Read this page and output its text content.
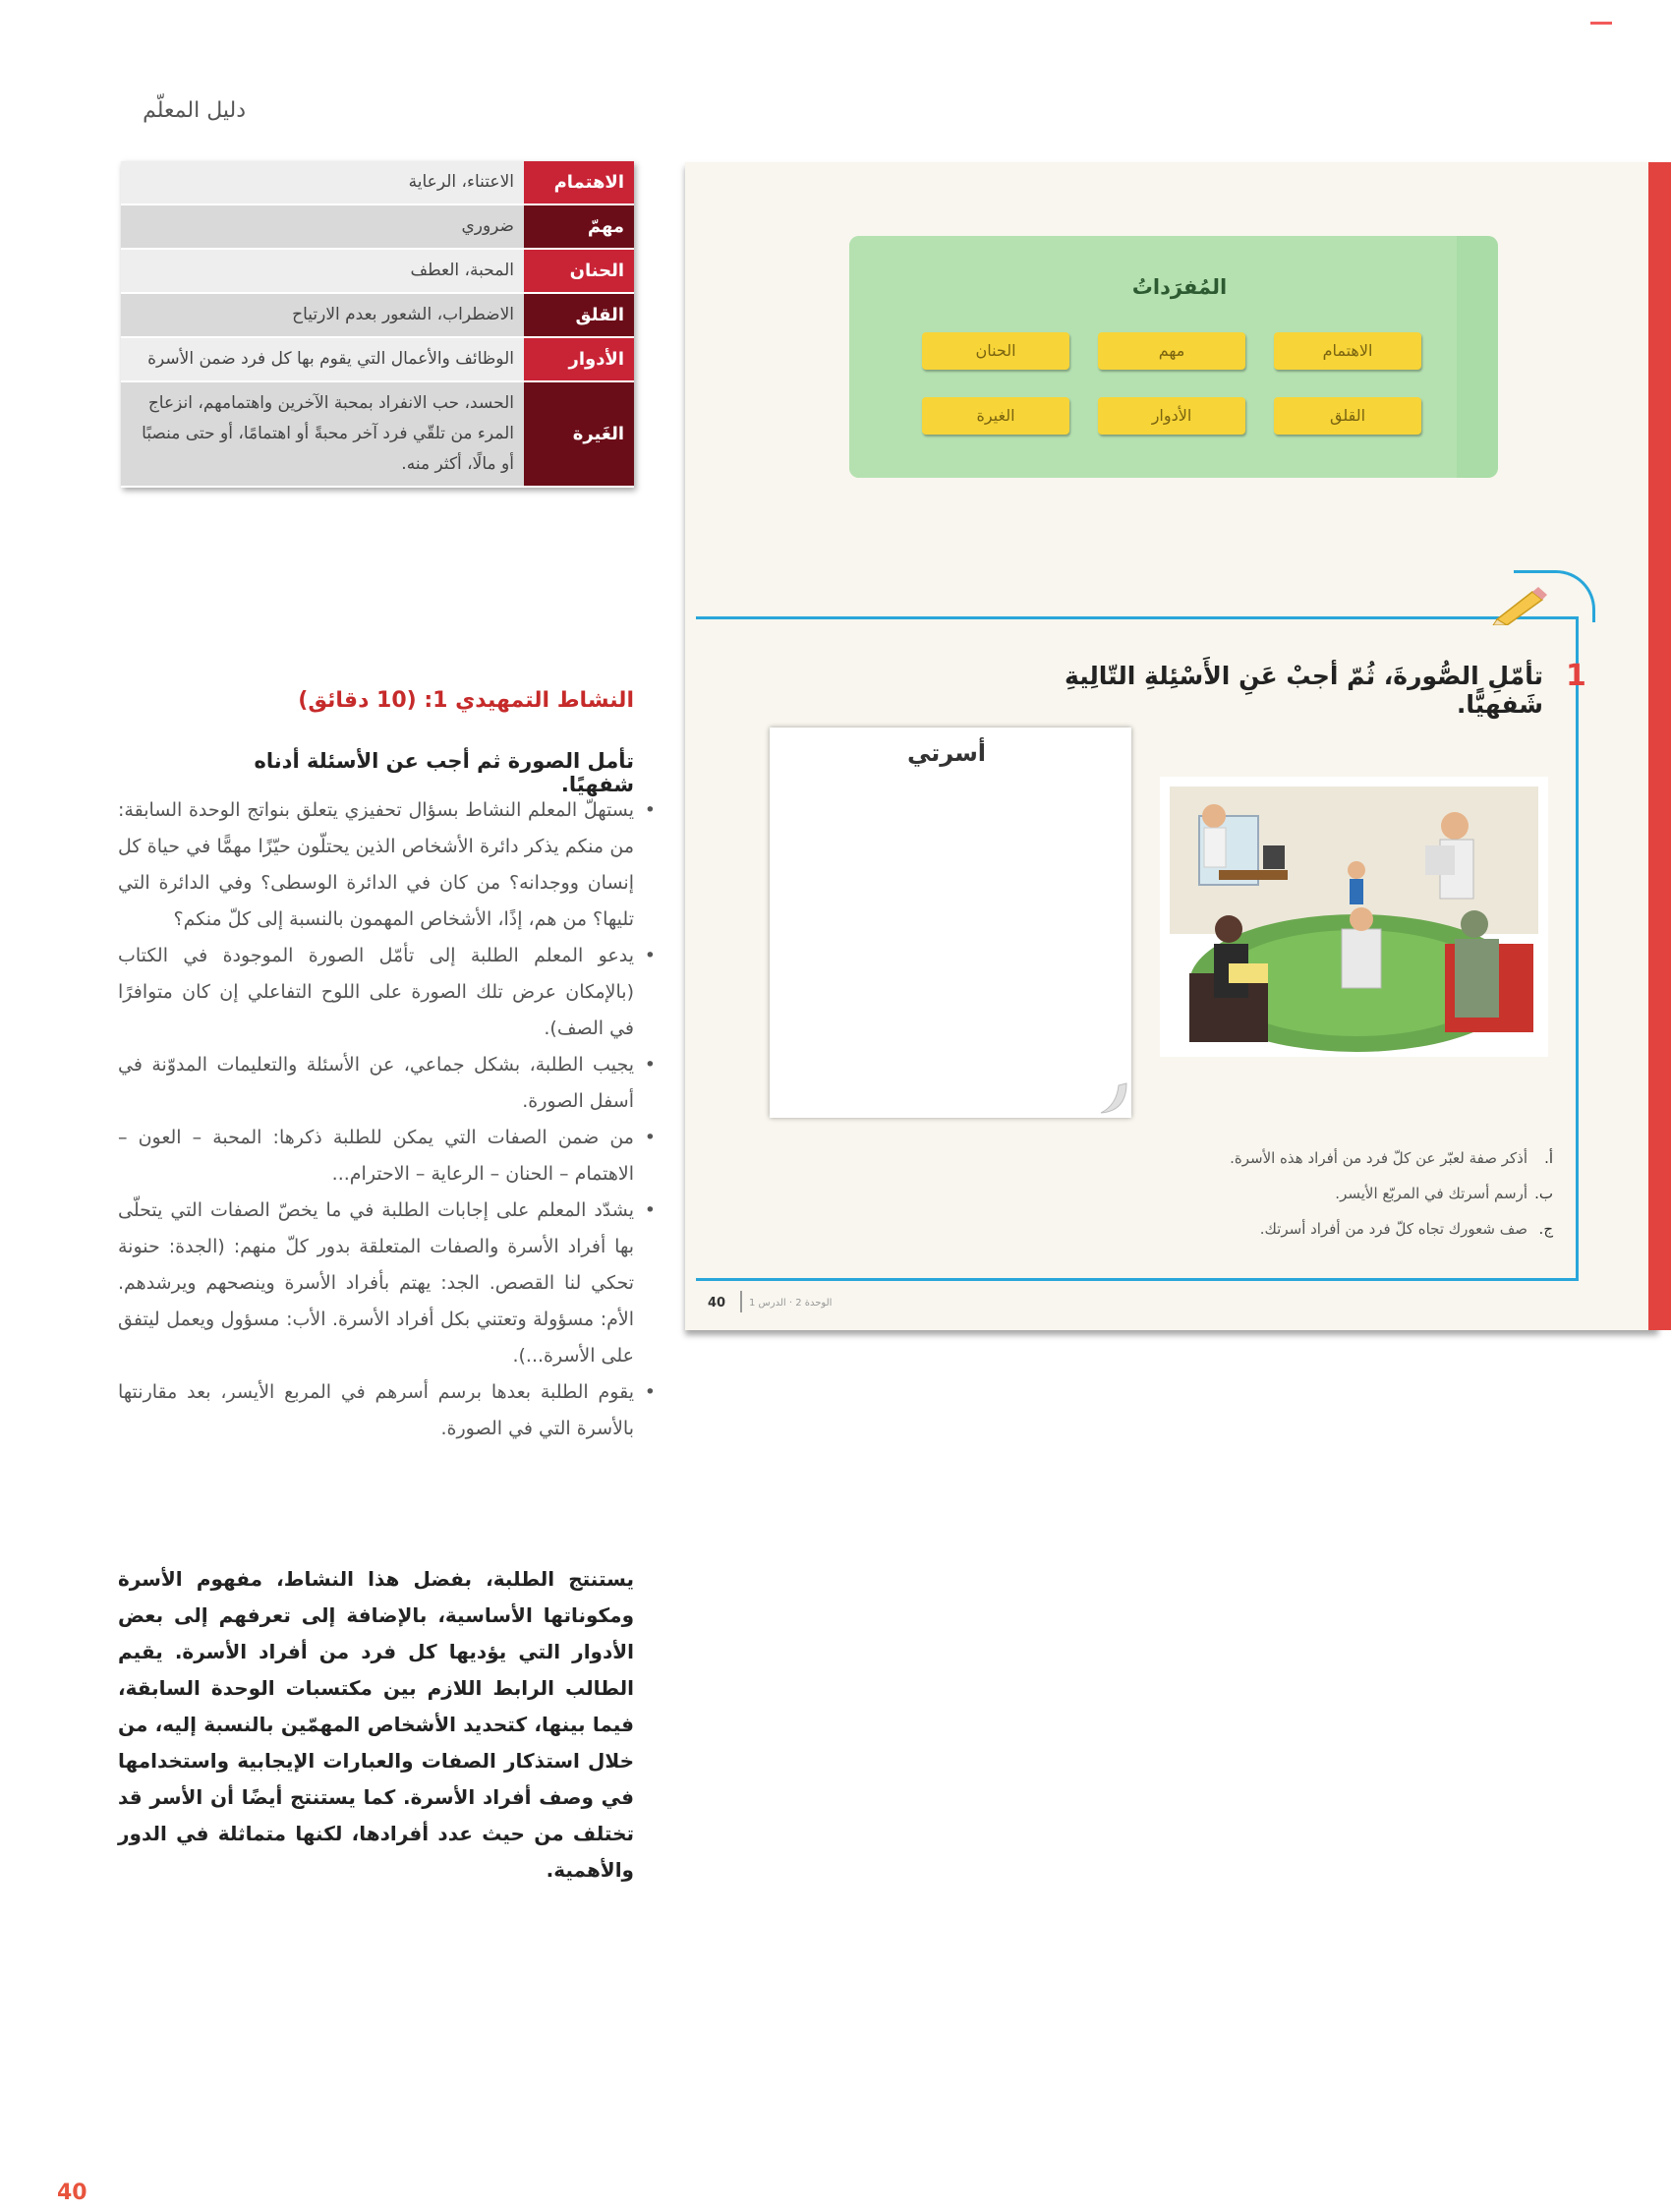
دليل المعلّم
الاهتمام	الاعتناء، الرعاية
مهمّ	ضروري
الحنان	المحبة، العطف
القلق	الاضطراب، الشعور بعدم الارتياح
الأدوار	الوظائف والأعمال التي يقوم بها كل فرد ضمن الأسرة
الغَيرة	الحسد، حب الانفراد بمحبة الآخرين واهتمامهم، انزعاج المرء من تلقّي فرد آخر محبةً أو اهتمامًا، أو حتى منصبًا أو مالًا، أكثر منه.
النشاط التمهيدي 1: (10 دقائق)
تأمل الصورة ثم أجب عن الأسئلة أدناه شفهيًا.
• يستهلّ المعلم النشاط بسؤال تحفيزي يتعلق بنواتج الوحدة السابقة: من منكم يذكر دائرة الأشخاص الذين يحتلّون حيّزًا مهمًّا في حياة كل إنسان ووجدانه؟ من كان في الدائرة الوسطى؟ وفي الدائرة التي تليها؟ من هم، إذًا، الأشخاص المهمون بالنسبة إلى كلّ منكم؟
• يدعو المعلم الطلبة إلى تأمّل الصورة الموجودة في الكتاب (بالإمكان عرض تلك الصورة على اللوح التفاعلي إن كان متوافرًا في الصف).
• يجيب الطلبة، بشكل جماعي، عن الأسئلة والتعليمات المدوّنة في أسفل الصورة.
• من ضمن الصفات التي يمكن للطلبة ذكرها: المحبة – العون – الاهتمام – الحنان – الرعاية – الاحترام...
• يشدّد المعلم على إجابات الطلبة في ما يخصّ الصفات التي يتحلّى بها أفراد الأسرة والصفات المتعلقة بدور كلّ منهم: (الجدة: حنونة تحكي لنا القصص. الجد: يهتم بأفراد الأسرة وينصحهم ويرشدهم. الأم: مسؤولة وتعتني بكل أفراد الأسرة. الأب: مسؤول ويعمل ليتفق على الأسرة...).
• يقوم الطلبة بعدها برسم أسرهم في المربع الأيسر، بعد مقارنتها بالأسرة التي في الصورة.
يستنتج الطلبة، بفضل هذا النشاط، مفهوم الأسرة ومكوناتها الأساسية، بالإضافة إلى تعرفهم إلى بعض الأدوار التي يؤديها كل فرد من أفراد الأسرة. يقيم الطالب الرابط اللازم بين مكتسبات الوحدة السابقة، فيما بينها، كتحديد الأشخاص المهمّين بالنسبة إليه، من خلال استذكار الصفات والعبارات الإيجابية واستخدامها في وصف أفراد الأسرة. كما يستنتج أيضًا أن الأسر قد تختلف من حيث عدد أفرادها، لكنها متماثلة في الدور والأهمية.
40
المُفرَداتُ
الاهتمام
مهم
الحنان
القلق
الأدوار
الغيرة
1
تأمّلِ الصُّورةَ، ثُمّ أجبْ عَنِ الأَسْئِلةِ التّالِيةِ شَفهيًّا.
أسرتي
أ.أذكر صفة لعبّر عن كلّ فرد من أفراد هذه الأسرة.
ب.أرسم أسرتك في المربّع الأيسر.
ج.صف شعورك تجاه كلّ فرد من أفراد أسرتك.
40 الوحدة 2 · الدرس 1
